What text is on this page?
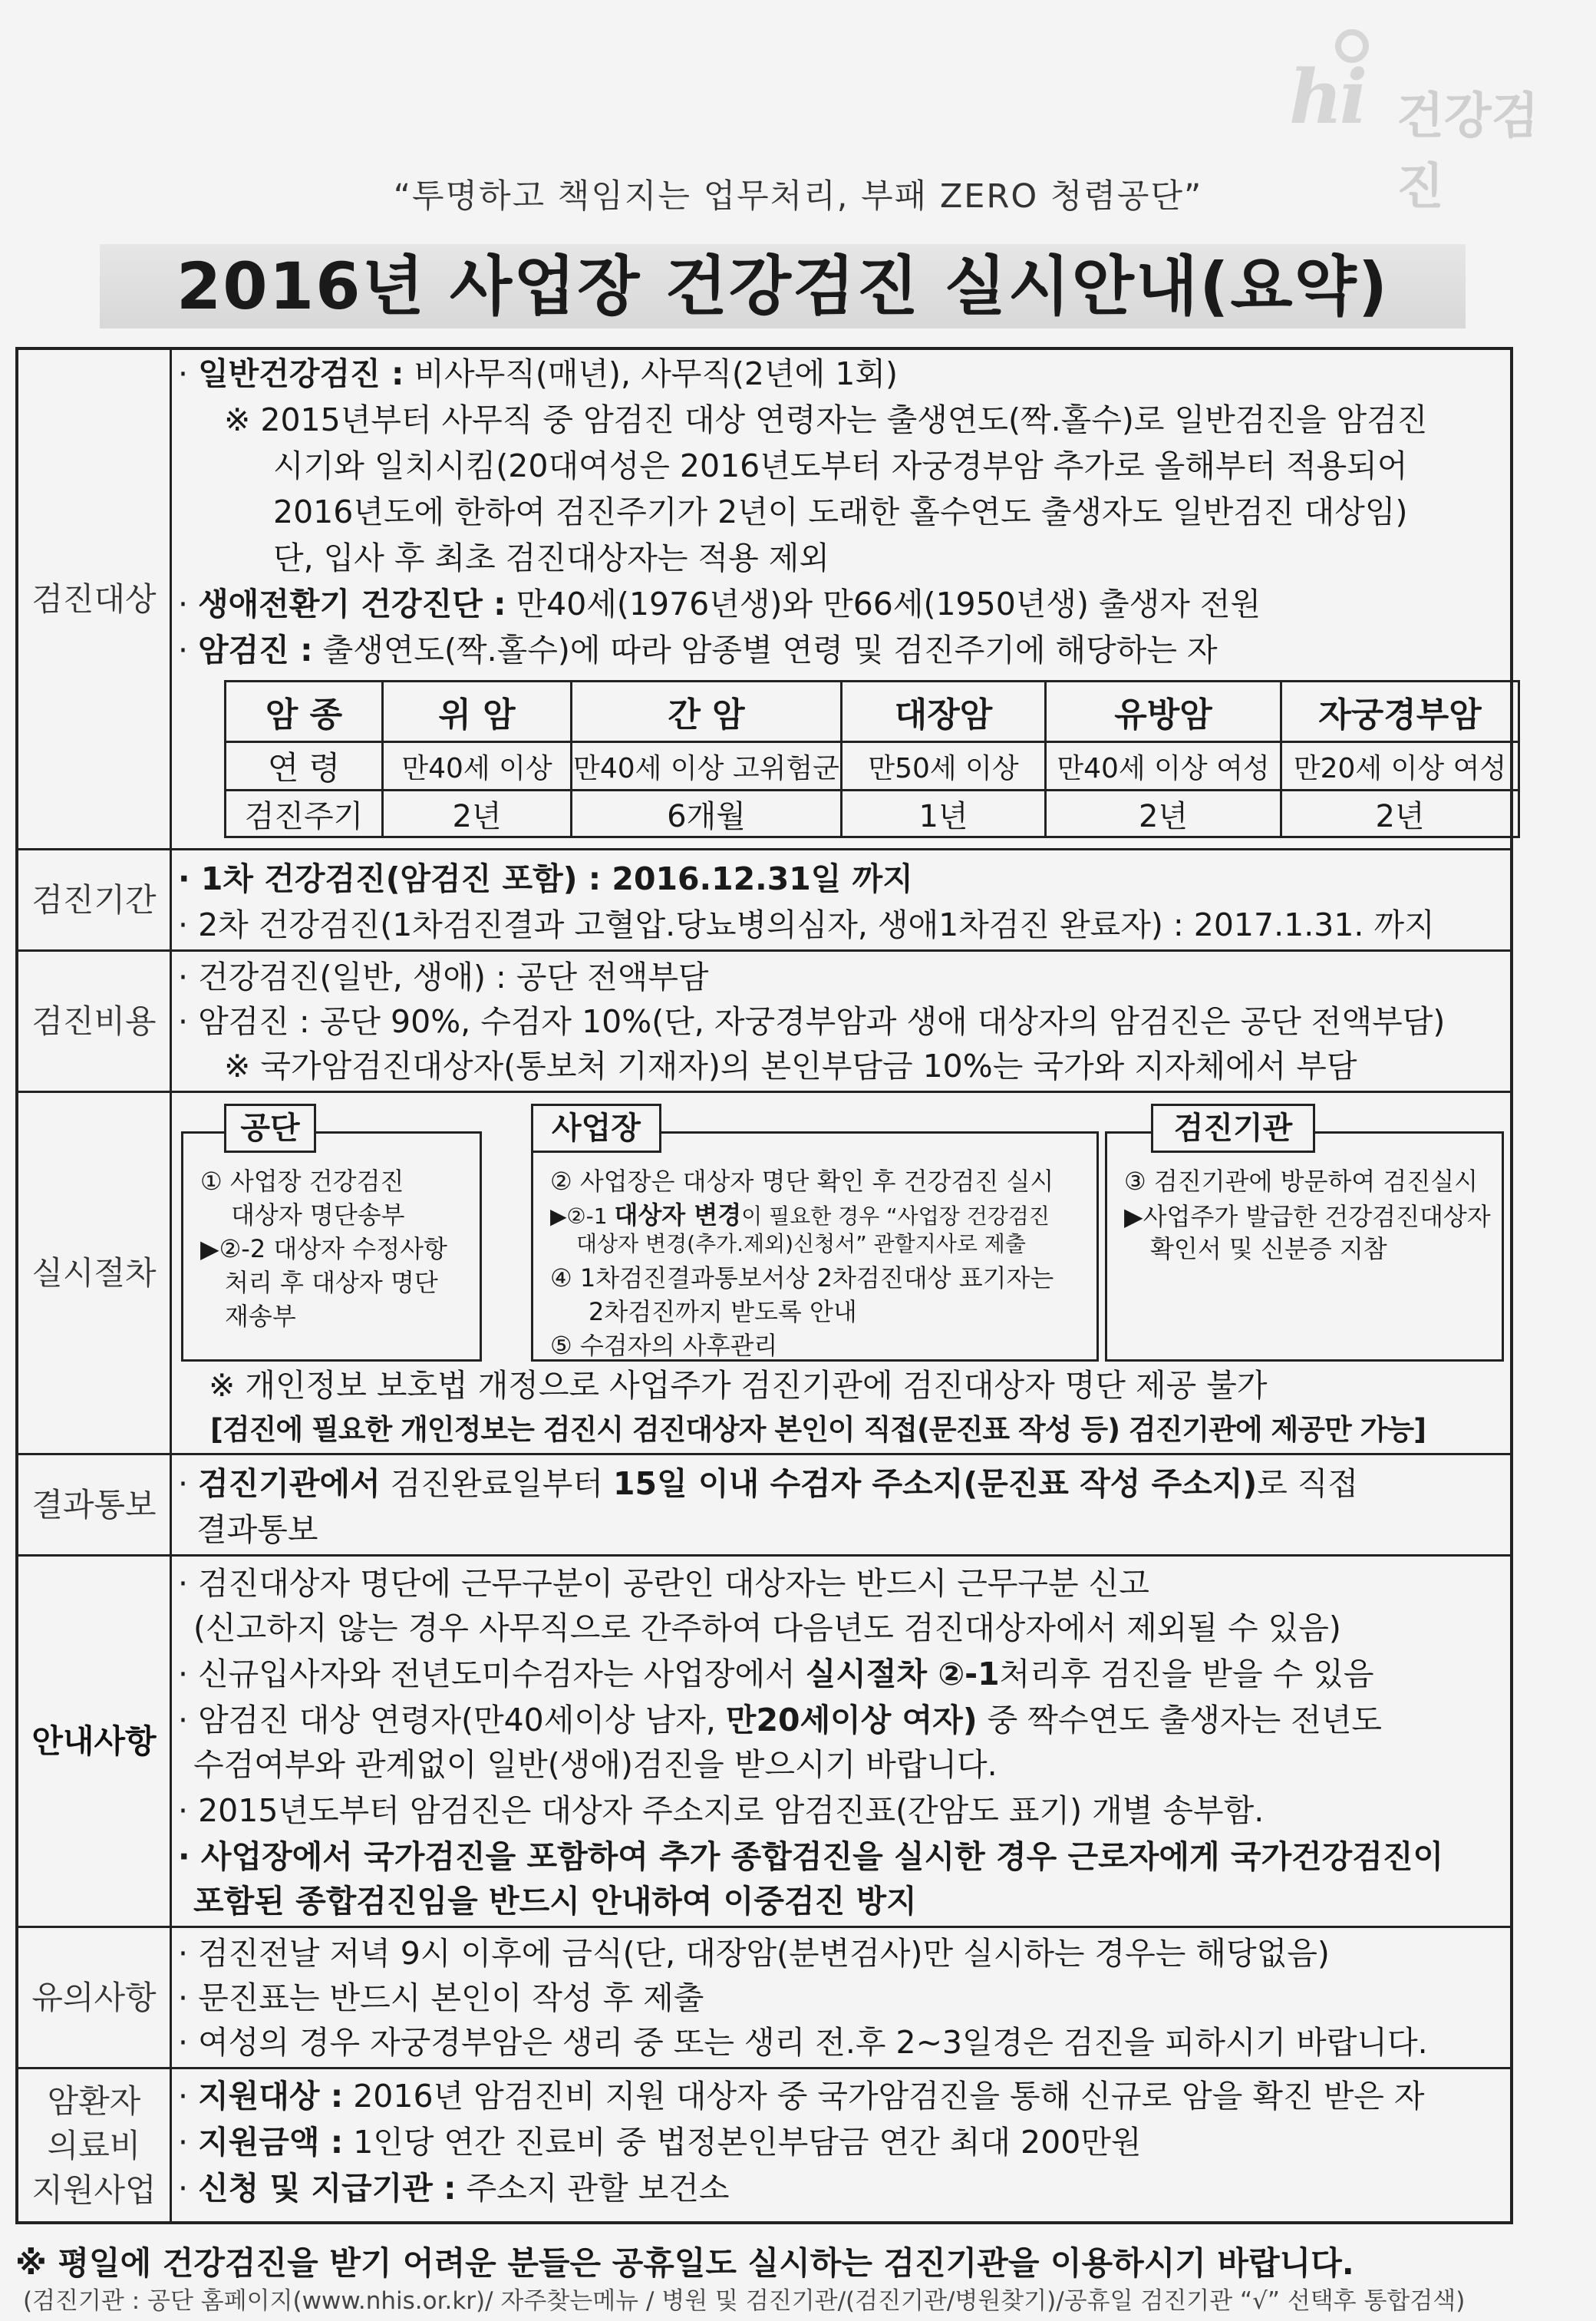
hi 건강검진
“투명하고 책임지는 업무처리, 부패 ZERO 청렴공단”
2016년 사업장 건강검진 실시안내(요약)
검진대상
· 일반건강검진 : 비사무직(매년), 사무직(2년에 1회)
※ 2015년부터 사무직 중 암검진 대상 연령자는 출생연도(짝.홀수)로 일반검진을 암검진
시기와 일치시킴(20대여성은 2016년도부터 자궁경부암 추가로 올해부터 적용되어
2016년도에 한하여 검진주기가 2년이 도래한 홀수연도 출생자도 일반검진 대상임)
단, 입사 후 최초 검진대상자는 적용 제외
· 생애전환기 건강진단 : 만40세(1976년생)와 만66세(1950년생) 출생자 전원
· 암검진 : 출생연도(짝.홀수)에 따라 암종별 연령 및 검진주기에 해당하는 자
암 종	위 암	간 암	대장암	유방암	자궁경부암
연 령	만40세 이상	만40세 이상 고위험군	만50세 이상	만40세 이상 여성	만20세 이상 여성
검진주기	2년	6개월	1년	2년	2년
검진기간
· 1차 건강검진(암검진 포함) : 2016.12.31일 까지
· 2차 건강검진(1차검진결과 고혈압.당뇨병의심자, 생애1차검진 완료자) : 2017.1.31. 까지
검진비용
· 건강검진(일반, 생애) : 공단 전액부담
· 암검진 : 공단 90%, 수검자 10%(단, 자궁경부암과 생애 대상자의 암검진은 공단 전액부담)
※ 국가암검진대상자(통보처 기재자)의 본인부담금 10%는 국가와 지자체에서 부담
실시절차
① 사업장 건강검진
대상자 명단송부
▶②-2 대상자 수정사항
처리 후 대상자 명단
재송부
공단
② 사업장은 대상자 명단 확인 후 건강검진 실시
▶②-1 대상자 변경이 필요한 경우 “사업장 건강검진
대상자 변경(추가.제외)신청서” 관할지사로 제출
④ 1차검진결과통보서상 2차검진대상 표기자는
2차검진까지 받도록 안내
⑤ 수검자의 사후관리
사업장
③ 검진기관에 방문하여 검진실시
▶사업주가 발급한 건강검진대상자
확인서 및 신분증 지참
검진기관
※ 개인정보 보호법 개정으로 사업주가 검진기관에 검진대상자 명단 제공 불가
[검진에 필요한 개인정보는 검진시 검진대상자 본인이 직접(문진표 작성 등) 검진기관에 제공만 가능]
결과통보
· 검진기관에서 검진완료일부터 15일 이내 수검자 주소지(문진표 작성 주소지)로 직접
결과통보
안내사항
· 검진대상자 명단에 근무구분이 공란인 대상자는 반드시 근무구분 신고
(신고하지 않는 경우 사무직으로 간주하여 다음년도 검진대상자에서 제외될 수 있음)
· 신규입사자와 전년도미수검자는 사업장에서 실시절차 ②-1처리후 검진을 받을 수 있음
· 암검진 대상 연령자(만40세이상 남자, 만20세이상 여자) 중 짝수연도 출생자는 전년도
수검여부와 관계없이 일반(생애)검진을 받으시기 바랍니다.
· 2015년도부터 암검진은 대상자 주소지로 암검진표(간암도 표기) 개별 송부함.
· 사업장에서 국가검진을 포함하여 추가 종합검진을 실시한 경우 근로자에게 국가건강검진이
포함된 종합검진임을 반드시 안내하여 이중검진 방지
유의사항
· 검진전날 저녁 9시 이후에 금식(단, 대장암(분변검사)만 실시하는 경우는 해당없음)
· 문진표는 반드시 본인이 작성 후 제출
· 여성의 경우 자궁경부암은 생리 중 또는 생리 전.후 2~3일경은 검진을 피하시기 바랍니다.
암환자
의료비
지원사업
· 지원대상 : 2016년 암검진비 지원 대상자 중 국가암검진을 통해 신규로 암을 확진 받은 자
· 지원금액 : 1인당 연간 진료비 중 법정본인부담금 연간 최대 200만원
· 신청 및 지급기관 : 주소지 관할 보건소
※ 평일에 건강검진을 받기 어려운 분들은 공휴일도 실시하는 검진기관을 이용하시기 바랍니다.
(검진기관 : 공단 홈페이지(www.nhis.or.kr)/ 자주찾는메뉴 / 병원 및 검진기관/(검진기관/병원찾기)/공휴일 검진기관 “√” 선택후 통합검색)
